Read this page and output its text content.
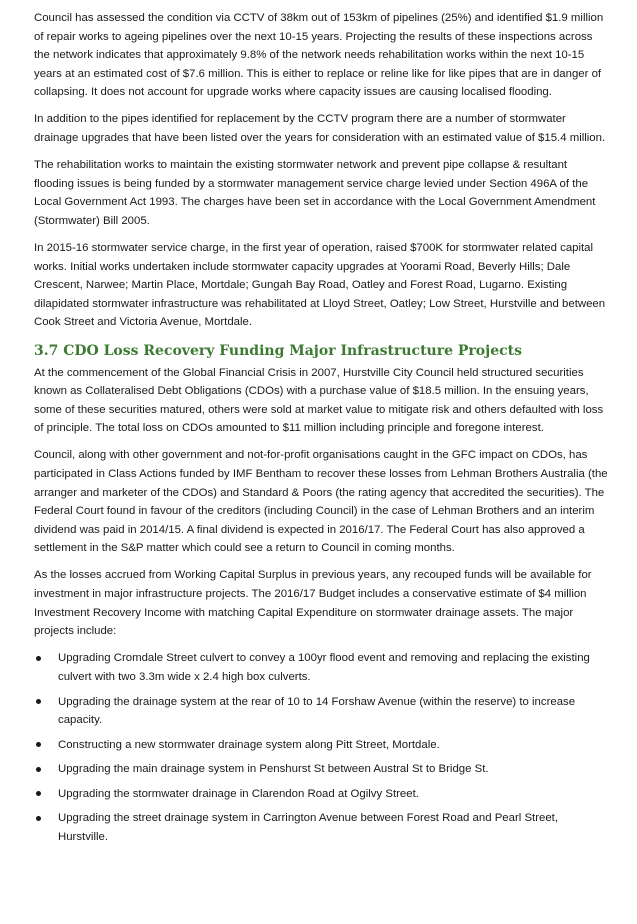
Council has assessed the condition via CCTV of 38km out of 153km of pipelines (25%) and identified $1.9 million of repair works to ageing pipelines over the next 10-15 years. Projecting the results of these inspections across the network indicates that approximately 9.8% of the network needs rehabilitation works within the next 10-15 years at an estimated cost of $7.6 million. This is either to replace or reline like for like pipes that are in danger of collapsing. It does not account for upgrade works where capacity issues are causing localised flooding.

In addition to the pipes identified for replacement by the CCTV program there are a number of stormwater drainage upgrades that have been listed over the years for consideration with an estimated value of $15.4 million.

The rehabilitation works to maintain the existing stormwater network and prevent pipe collapse & resultant flooding issues is being funded by a stormwater management service charge levied under Section 496A of the Local Government Act 1993. The charges have been set in accordance with the Local Government Amendment (Stormwater) Bill 2005.

In 2015-16 stormwater service charge, in the first year of operation, raised $700K for stormwater related capital works. Initial works undertaken include stormwater capacity upgrades at Yoorami Road, Beverly Hills; Dale Crescent, Narwee; Martin Place, Mortdale; Gungah Bay Road, Oatley and Forest Road, Lugarno. Existing dilapidated stormwater infrastructure was rehabilitated at Lloyd Street, Oatley; Low Street, Hurstville and between Cook Street and Victoria Avenue, Mortdale.

3.7 CDO Loss Recovery Funding Major Infrastructure Projects

At the commencement of the Global Financial Crisis in 2007, Hurstville City Council held structured securities known as Collateralised Debt Obligations (CDOs) with a purchase value of $18.5 million. In the ensuing years, some of these securities matured, others were sold at market value to mitigate risk and others defaulted with loss of principle. The total loss on CDOs amounted to $11 million including principle and foregone interest.

Council, along with other government and not-for-profit organisations caught in the GFC impact on CDOs, has participated in Class Actions funded by IMF Bentham to recover these losses from Lehman Brothers Australia (the arranger and marketer of the CDOs) and Standard & Poors (the rating agency that accredited the securities). The Federal Court found in favour of the creditors (including Council) in the case of Lehman Brothers and an interim dividend was paid in 2014/15. A final dividend is expected in 2016/17. The Federal Court has also approved a settlement in the S&P matter which could see a return to Council in coming months.

As the losses accrued from Working Capital Surplus in previous years, any recouped funds will be available for investment in major infrastructure projects. The 2016/17 Budget includes a conservative estimate of $4 million Investment Recovery Income with matching Capital Expenditure on stormwater drainage assets. The major projects include:

Upgrading Cromdale Street culvert to convey a 100yr flood event and removing and replacing the existing culvert with two 3.3m wide x 2.4 high box culverts.
Upgrading the drainage system at the rear of 10 to 14 Forshaw Avenue (within the reserve) to increase capacity.
Constructing a new stormwater drainage system along Pitt Street, Mortdale.
Upgrading the main drainage system in Penshurst St between Austral St to Bridge St.
Upgrading the stormwater drainage in Clarendon Road at Ogilvy Street.
Upgrading the street drainage system in Carrington Avenue between Forest Road and Pearl Street, Hurstville.
